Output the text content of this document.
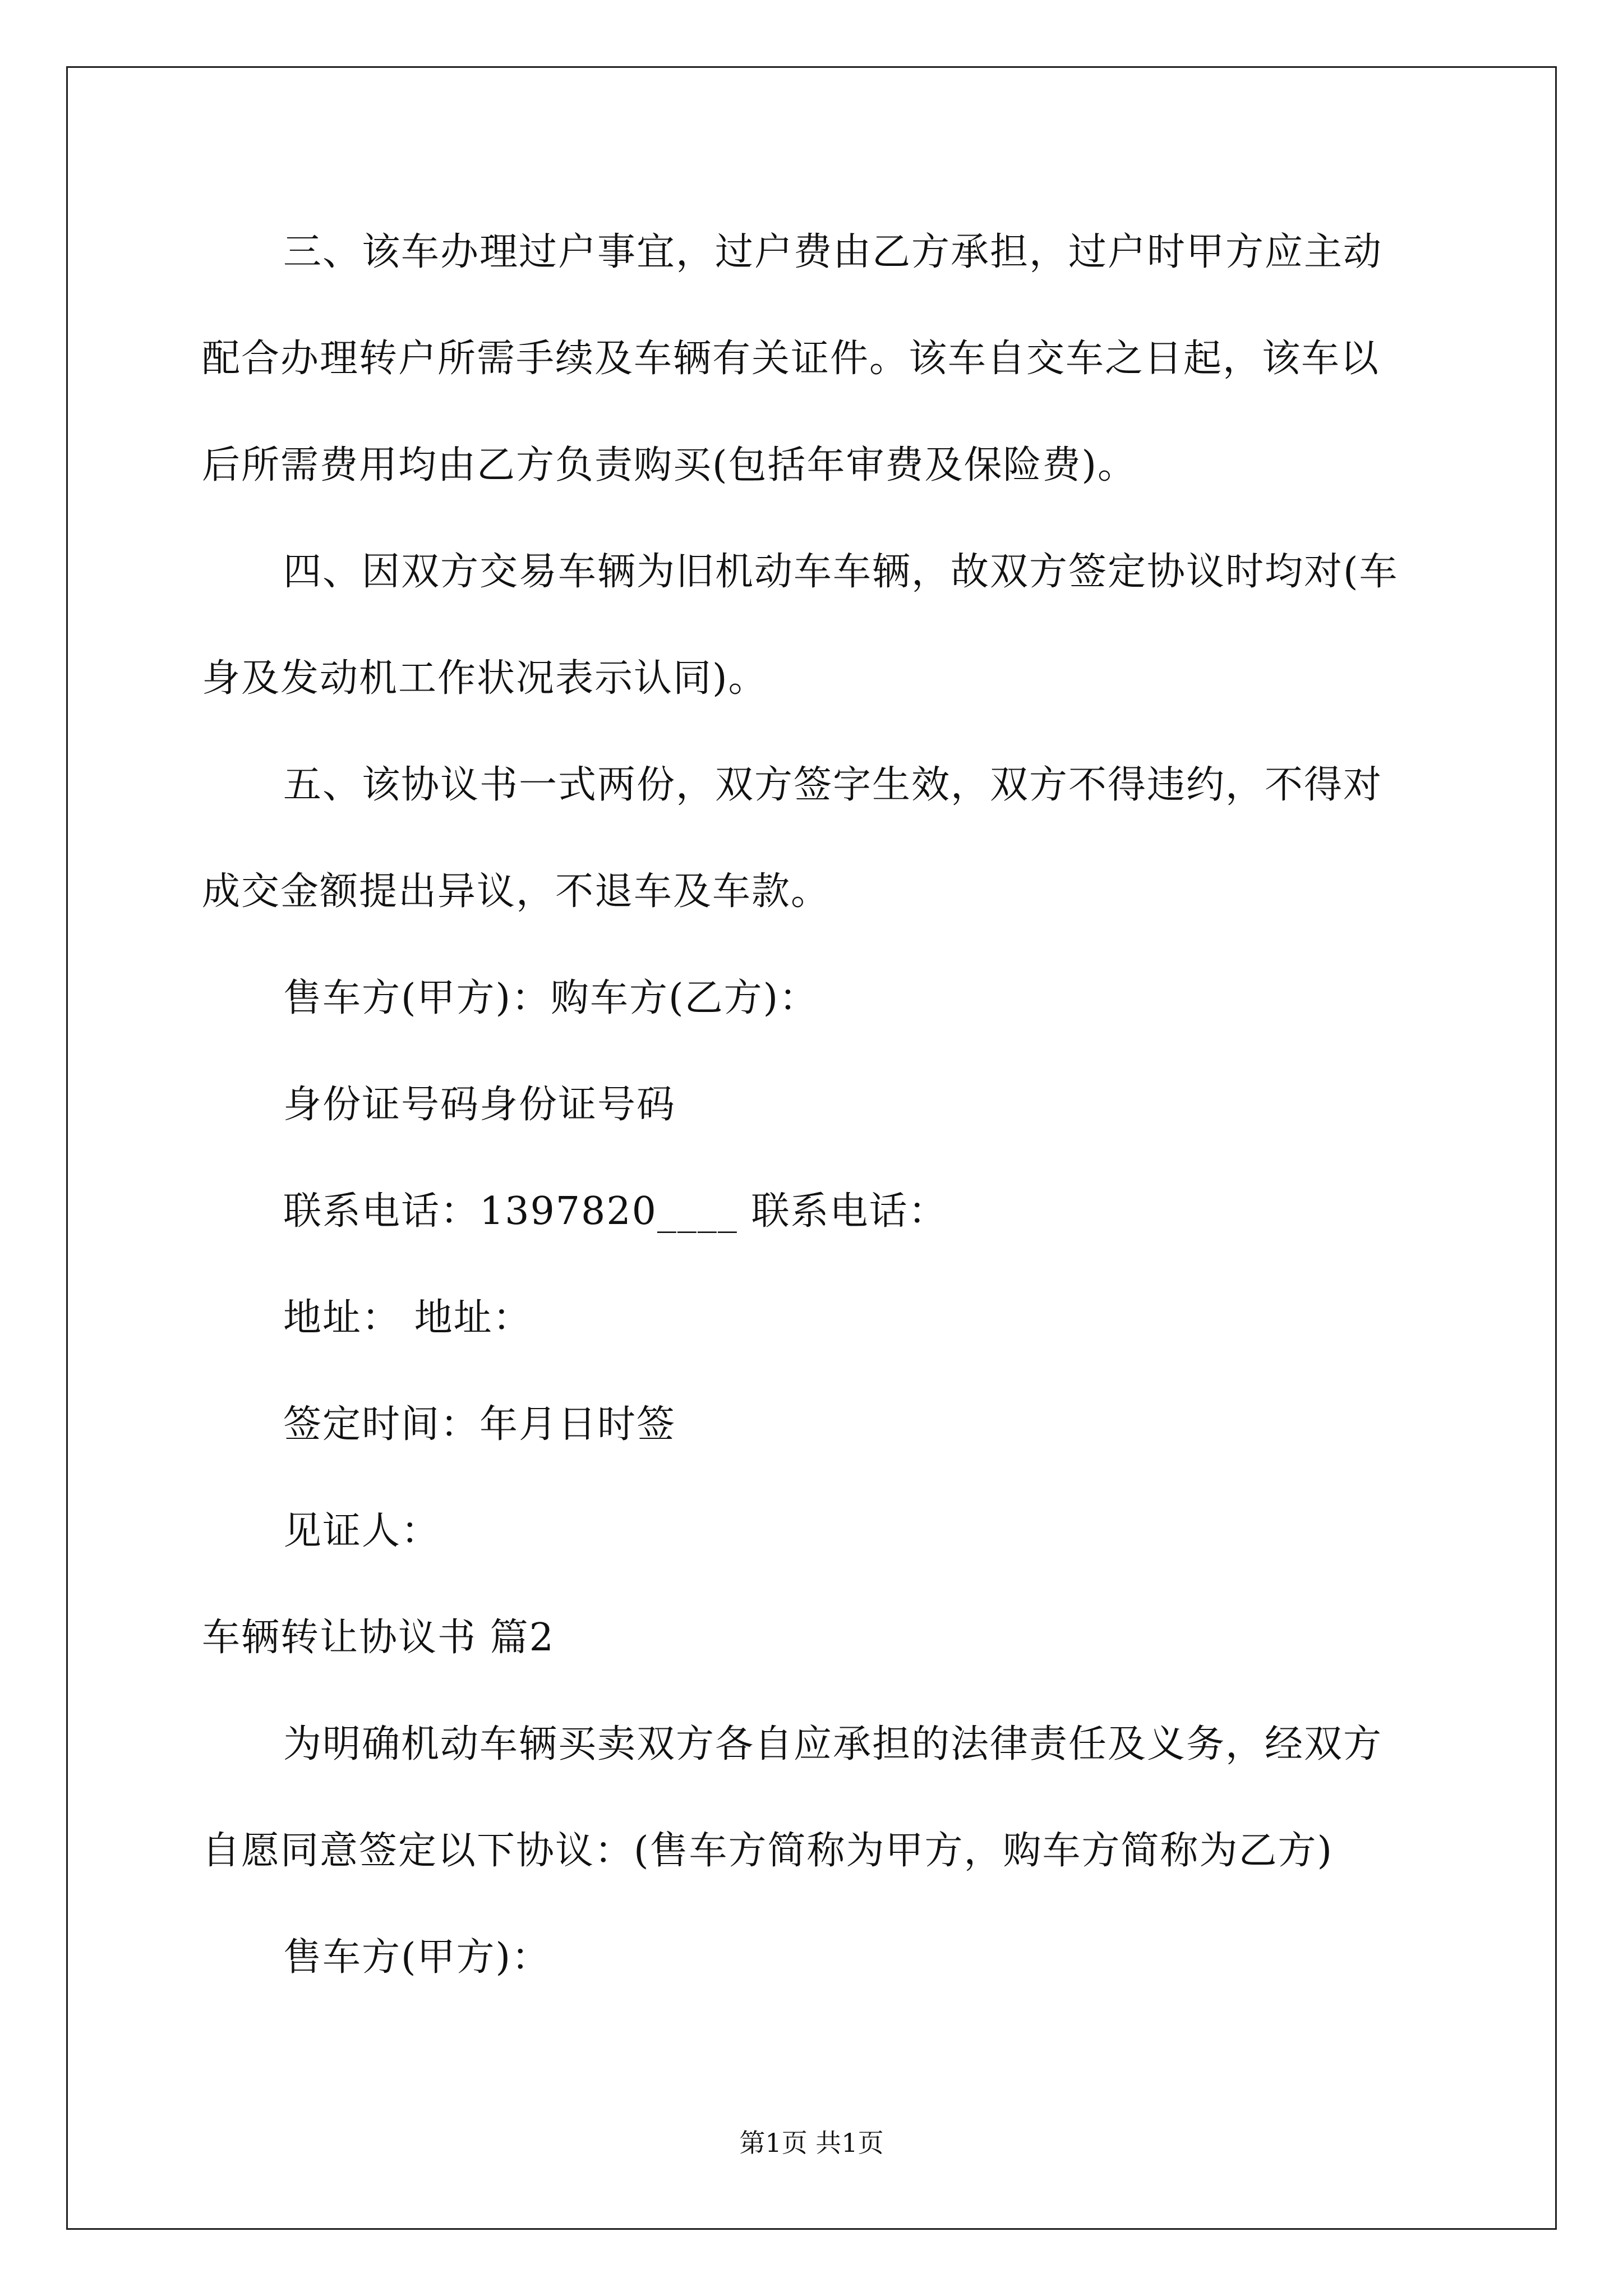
三、该车办理过户事宜，过户费由乙方承担，过户时甲方应主动
配合办理转户所需手续及车辆有关证件。该车自交车之日起，该车以
后所需费用均由乙方负责购买(包括年审费及保险费)。
四、因双方交易车辆为旧机动车车辆，故双方签定协议时均对(车
身及发动机工作状况表示认同)。
五、该协议书一式两份，双方签字生效，双方不得违约，不得对
成交金额提出异议，不退车及车款。
售车方(甲方)：购车方(乙方)：
身份证号码身份证号码
联系电话：1397820____ 联系电话：
地址： 地址：
签定时间：年月日时签
见证人：
车辆转让协议书 篇2
为明确机动车辆买卖双方各自应承担的法律责任及义务，经双方
自愿同意签定以下协议：(售车方简称为甲方，购车方简称为乙方)
售车方(甲方)：
第1页 共1页
